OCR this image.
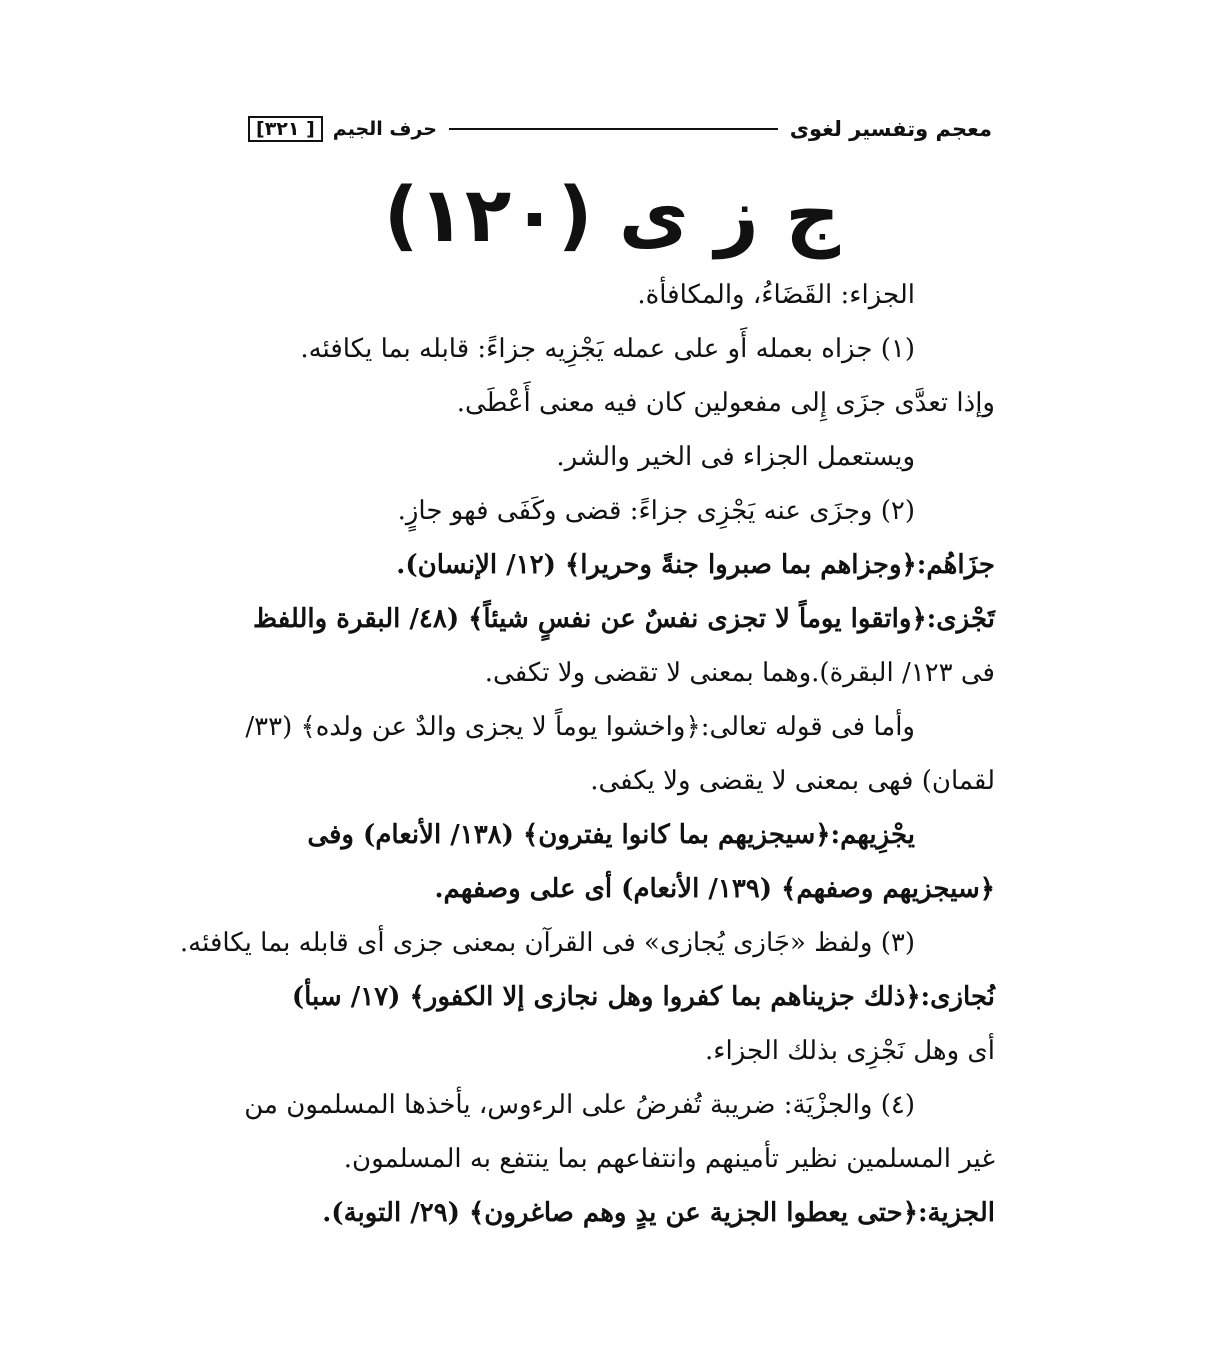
معجم وتفسير لغوى
حرف الجيم
[ ٣٢١]
ج ز ى (١٢٠)
الجزاء: القَضَاءُ، والمكافأة.
(١) جزاه بعمله أَو على عمله يَجْزِيه جزاءً: قابله بما يكافئه.
وإذا تعدَّى جزَى إِلى مفعولين كان فيه معنى أَعْطَى.
ويستعمل الجزاء فى الخير والشر.
(٢) وجزَى عنه يَجْزِى جزاءً: قضى وكَفَى فهو جازٍ.
جزَاهُم:﴿وجزاهم بما صبروا جنةً وحريرا﴾ (١٢/ الإنسان).
تَجْزى:﴿واتقوا يوماً لا تجزى نفسٌ عن نفسٍ شيئاً﴾ (٤٨/ البقرة واللفظ
فى ١٢٣/ البقرة).وهما بمعنى لا تقضى ولا تكفى.
وأما فى قوله تعالى:﴿واخشوا يوماً لا يجزى والدٌ عن ولده﴾ (٣٣/
لقمان) فهى بمعنى لا يقضى ولا يكفى.
يجْزِيهم:﴿سيجزيهم بما كانوا يفترون﴾ (١٣٨/ الأنعام) وفى
﴿سيجزيهم وصفهم﴾ (١٣٩/ الأنعام) أى على وصفهم.
(٣) ولفظ «جَازى يُجازى» فى القرآن بمعنى جزى أى قابله بما يكافئه.
نُجازى:﴿ذلك جزيناهم بما كفروا وهل نجازى إلا الكفور﴾ (١٧/ سبأ)
أى وهل نَجْزِى بذلك الجزاء.
(٤) والجزْيَة: ضريبة تُفرضُ على الرءوس، يأخذها المسلمون من
غير المسلمين نظير تأمينهم وانتفاعهم بما ينتفع به المسلمون.
الجزية:﴿حتى يعطوا الجزية عن يدٍ وهم صاغرون﴾ (٢٩/ التوبة).
